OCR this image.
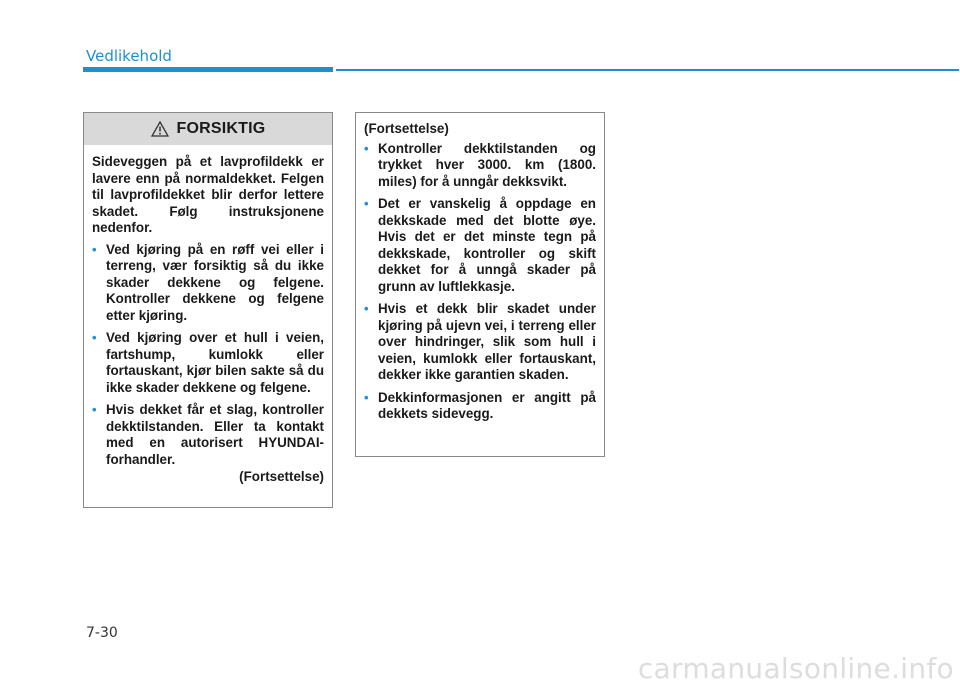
Vedlikehold
FORSIKTIG

Sideveggen på et lavprofildekk er lavere enn på normaldekket. Felgen til lavprofildekket blir derfor lettere skadet. Følg instruksjonene nedenfor.

• Ved kjøring på en røff vei eller i terreng, vær forsiktig så du ikke skader dekkene og felgene. Kontroller dekkene og felgene etter kjøring.
• Ved kjøring over et hull i veien, fartshump, kumlokk eller fortauskant, kjør bilen sakte så du ikke skader dekkene og felgene.
• Hvis dekket får et slag, kontroller dekktilstanden. Eller ta kontakt med en autorisert HYUNDAI-forhandler.
(Fortsettelse)
(Fortsettelse)
• Kontroller dekktilstanden og trykket hver 3000. km (1800. miles) for å unngår dekksvikt.
• Det er vanskelig å oppdage en dekkskade med det blotte øye. Hvis det er det minste tegn på dekkskade, kontroller og skift dekket for å unngå skader på grunn av luftlekkasje.
• Hvis et dekk blir skadet under kjøring på ujevn vei, i terreng eller over hindringer, slik som hull i veien, kumlokk eller fortauskant, dekker ikke garantien skaden.
• Dekkinformasjonen er angitt på dekkets sidevegg.
7-30
carmanualsonline.info
